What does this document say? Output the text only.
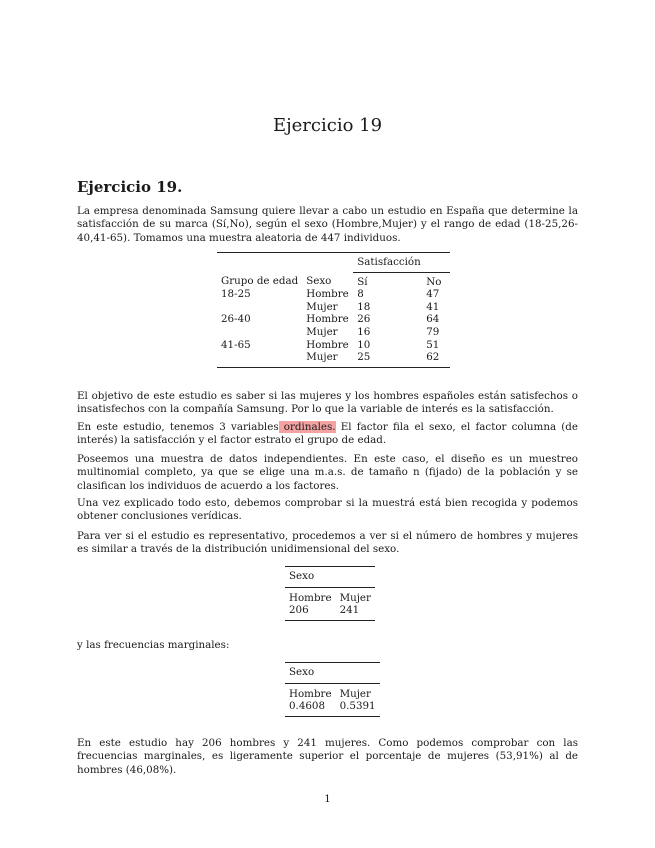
Ejercicio 19
Ejercicio 19.
La empresa denominada Samsung quiere llevar a cabo un estudio en España que determine la satisfacción de su marca (Sí,No), según el sexo (Hombre,Mujer) y el rango de edad (18-25,26-40,41-65). Tomamos una muestra aleatoria de 447 individuos.
		Satisfacción	
Grupo de edad	Sexo	Sí	No
18-25	Hombre	8	47
	Mujer	18	41
26-40	Hombre	26	64
	Mujer	16	79
41-65	Hombre	10	51
	Mujer	25	62
El objetivo de este estudio es saber si las mujeres y los hombres españoles están satisfechos o insatisfechos con la compañía Samsung. Por lo que la variable de interés es la satisfacción.
En este estudio, tenemos 3 variables ordinales. El factor fila el sexo, el factor columna (de interés) la satisfacción y el factor estrato el grupo de edad.
Poseemos una muestra de datos independientes. En este caso, el diseño es un muestreo multinomial completo, ya que se elige una m.a.s. de tamaño n (fijado) de la población y se clasifican los individuos de acuerdo a los factores.
Una vez explicado todo esto, debemos comprobar si la muestrá está bien recogida y podemos obtener conclusiones verídicas.
Para ver si el estudio es representativo, procedemos a ver si el número de hombres y mujeres es similar a través de la distribución unidimensional del sexo.
Sexo	
Hombre	Mujer
206	241
y las frecuencias marginales:
Sexo	
Hombre	Mujer
0.4608	0.5391
En este estudio hay 206 hombres y 241 mujeres. Como podemos comprobar con las frecuencias marginales, es ligeramente superior el porcentaje de mujeres (53,91%) al de hombres (46,08%).
1
